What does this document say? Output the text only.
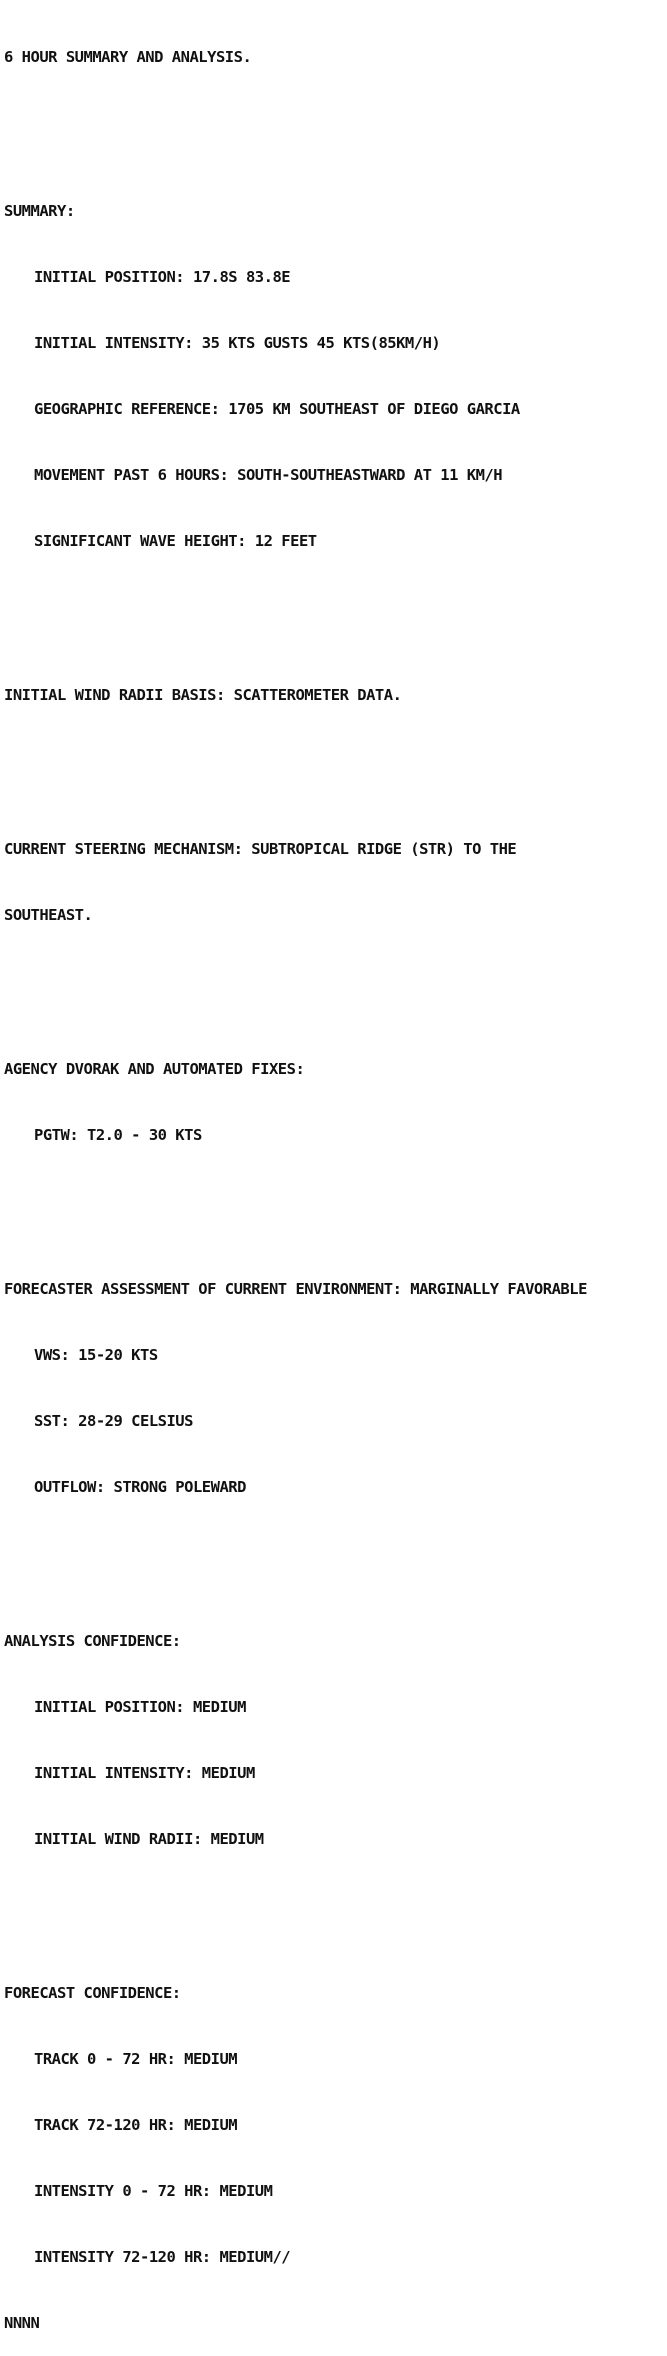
6 HOUR SUMMARY AND ANALYSIS.

SUMMARY:

INITIAL POSITION: 17.8S 83.8E

INITIAL INTENSITY: 35 KTS GUSTS 45 KTS(85KM/H)

GEOGRAPHIC REFERENCE: 1705 KM SOUTHEAST OF DIEGO GARCIA

MOVEMENT PAST 6 HOURS: SOUTH-SOUTHEASTWARD AT 11 KM/H

SIGNIFICANT WAVE HEIGHT: 12 FEET

INITIAL WIND RADII BASIS: SCATTEROMETER DATA.

CURRENT STEERING MECHANISM: SUBTROPICAL RIDGE (STR) TO THE

SOUTHEAST.

AGENCY DVORAK AND AUTOMATED FIXES:

PGTW: T2.0 - 30 KTS

FORECASTER ASSESSMENT OF CURRENT ENVIRONMENT: MARGINALLY FAVORABLE

VWS: 15-20 KTS

SST: 28-29 CELSIUS

OUTFLOW: STRONG POLEWARD

ANALYSIS CONFIDENCE:

INITIAL POSITION: MEDIUM

INITIAL INTENSITY: MEDIUM

INITIAL WIND RADII: MEDIUM

FORECAST CONFIDENCE:

TRACK 0 - 72 HR: MEDIUM

TRACK 72-120 HR: MEDIUM

INTENSITY 0 - 72 HR: MEDIUM

INTENSITY 72-120 HR: MEDIUM//

NNNN
